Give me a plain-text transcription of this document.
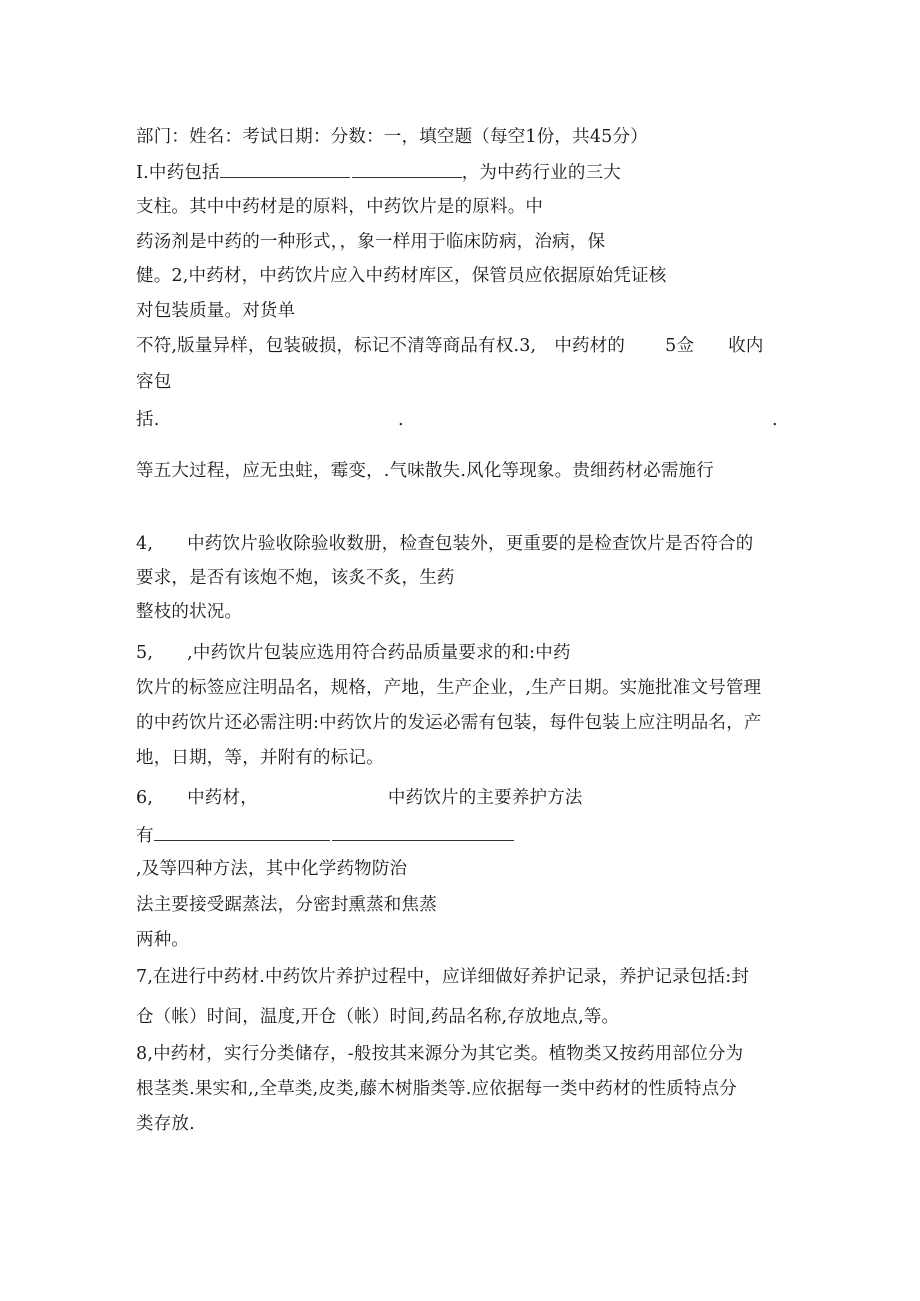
部门：姓名：考试日期：分数：一，填空题（每空1份，共45分）
I.中药包括	，为中药行业的三大
支柱。其中中药材是的原料，中药饮片是的原料。中
药汤剂是中药的一种形式，，象一样用于临床防病，治病，保
健。2,中药材，中药饮片应入中药材库区，保管员应依据原始凭证核
对包装质量。对货单
不符,版量异样，包装破损，标记不清等商品有权.3, 中药材的 5佥 收内
容包
括.	.	.
等五大过程，应无虫蛀，霉变，.气味散失.风化等现象。贵细药材必需施行
4, 中药饮片验收除验收数册，检查包装外，更重要的是检查饮片是否符合的
要求，是否有该炮不炮，该炙不炙，生药
整枝的状况。
5, ,中药饮片包装应选用符合药品质量要求的和:中药
饮片的标签应注明品名，规格，产地，生产企业，,生产日期。实施批准文号管理
的中药饮片还必需注明:中药饮片的发运必需有包装，每件包装上应注明品名，产
地，日期，等，并附有的标记。
6, 中药材，	中药饮片的主要养护方法
有
,及等四种方法，其中化学药物防治
法主要接受踞蒸法，分密封熏蒸和焦蒸
两种。
7,在进行中药材.中药饮片养护过程中，应详细做好养护记录，养护记录包括:封
仓（帐）时间，温度,开仓（帐）时间,药品名称,存放地点,等。
8,中药材，实行分类储存，-般按其来源分为其它类。植物类又按药用部位分为
根茎类.果实和,,全草类,皮类,藤木树脂类等.应依据每一类中药材的性质特点分
类存放.
